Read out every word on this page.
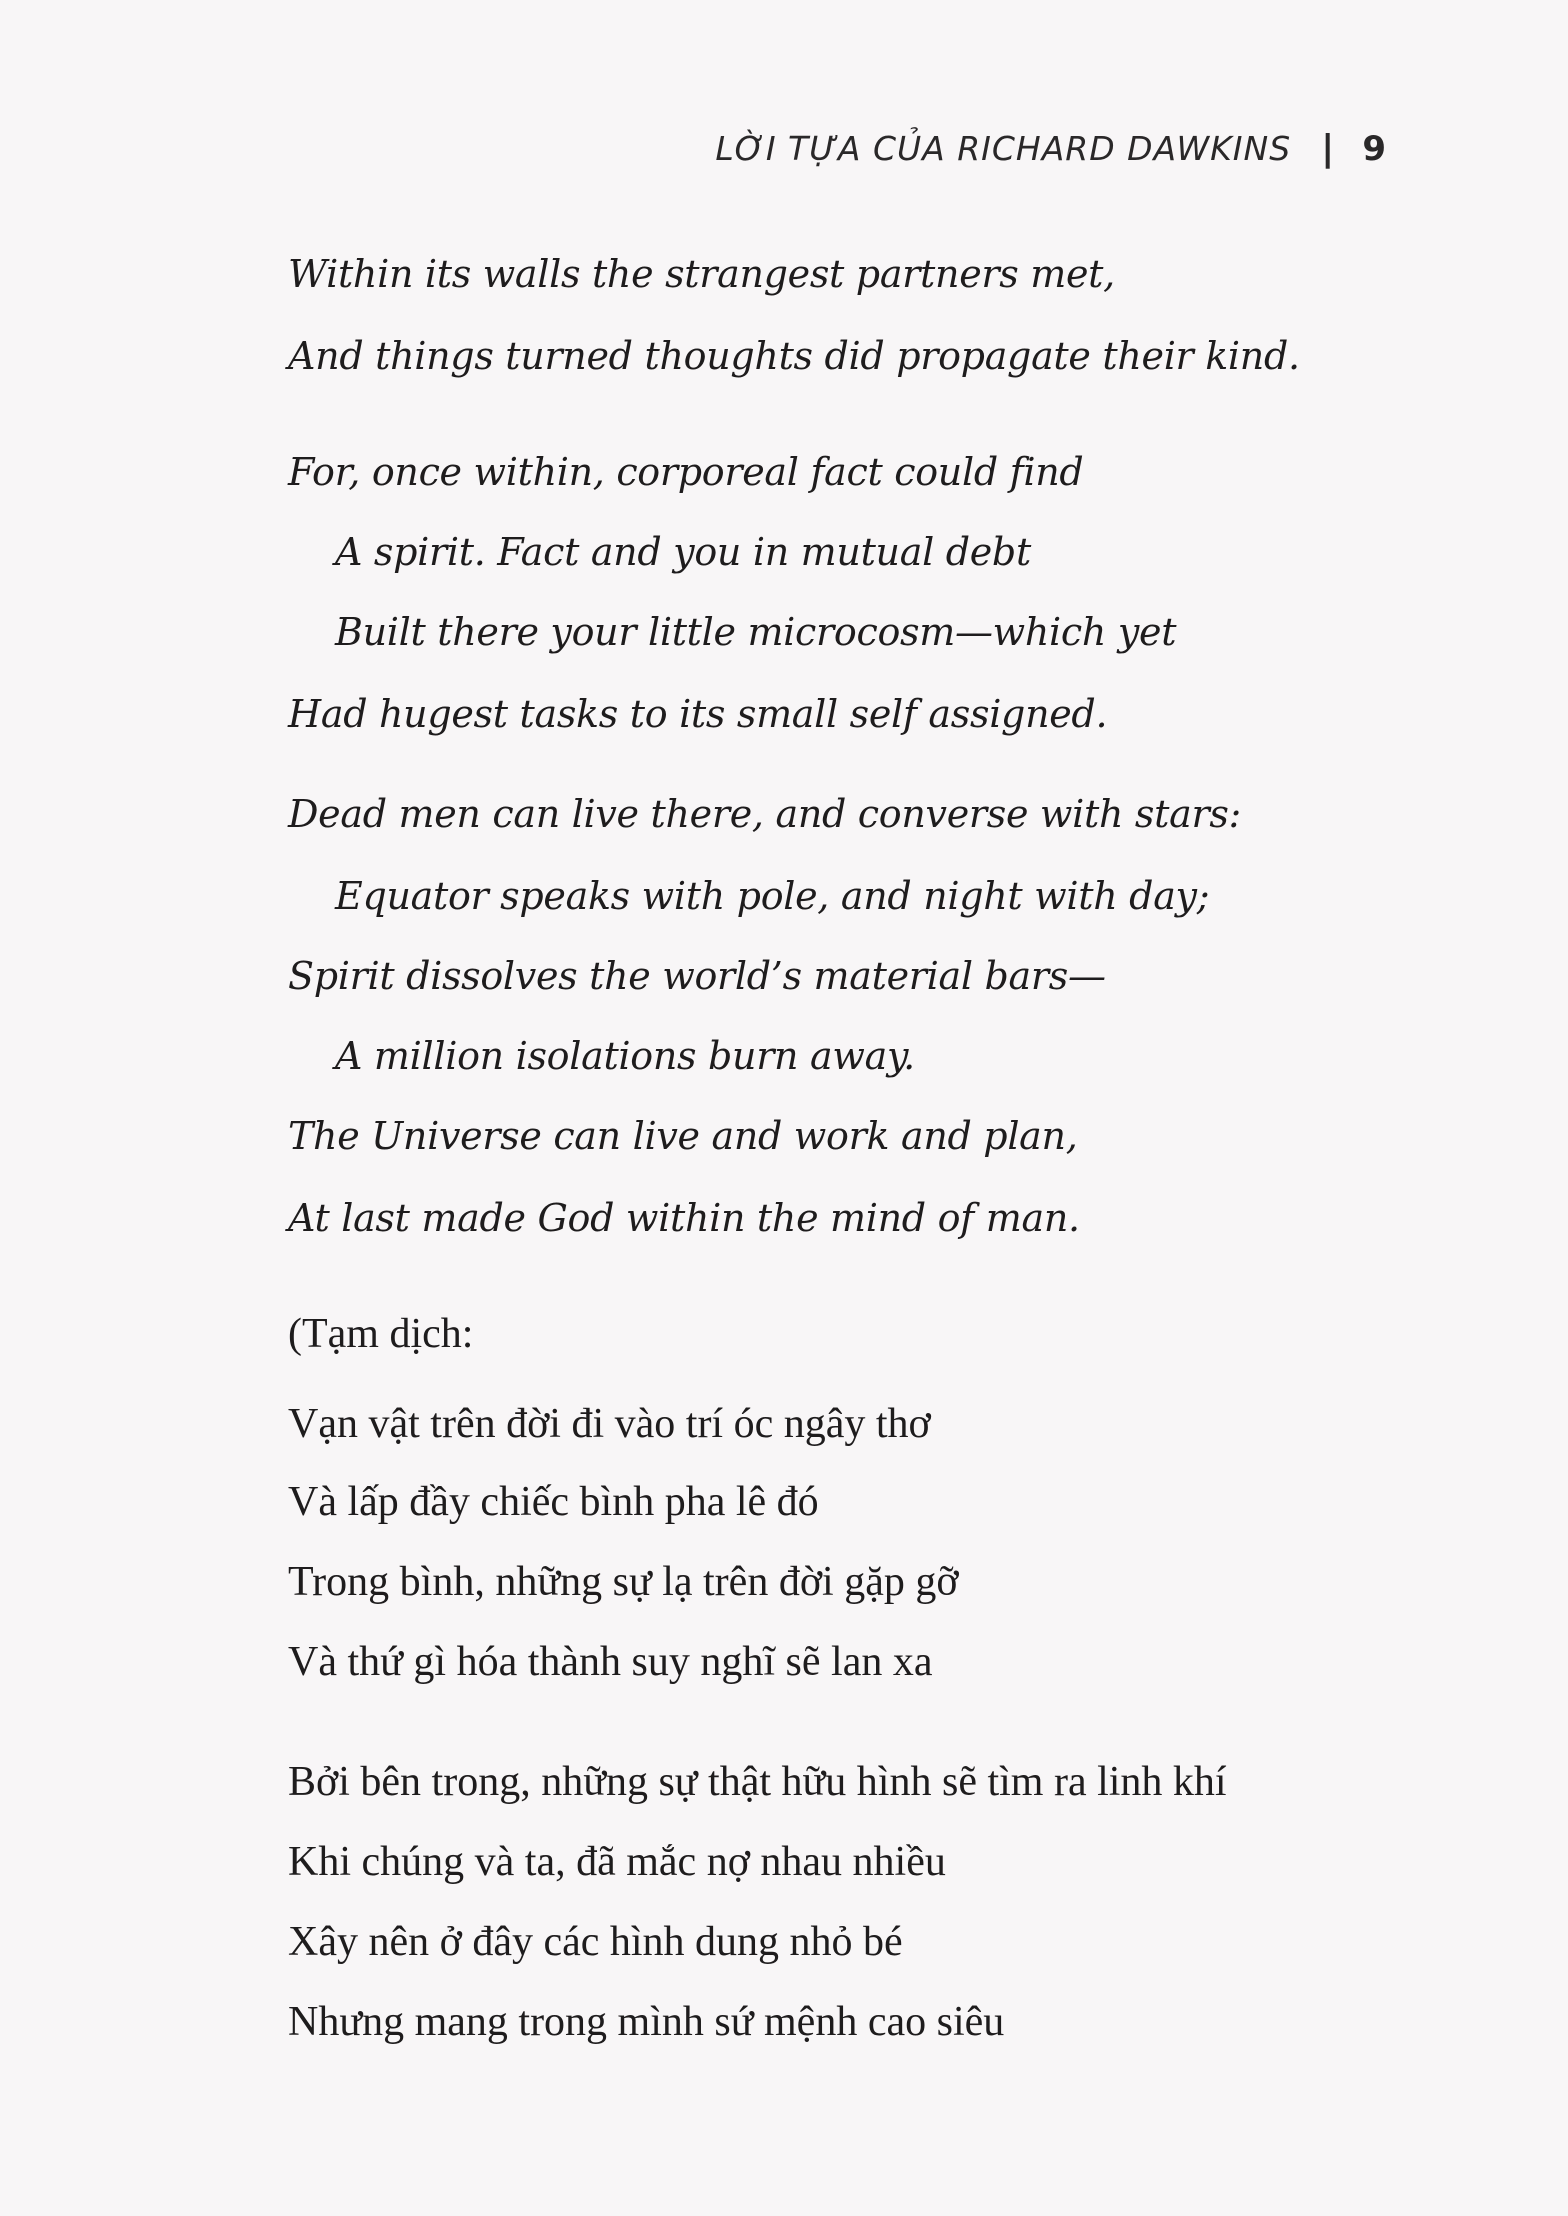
LỜI TỰA CỦA RICHARD DAWKINS | 9
Within its walls the strangest partners met,
And things turned thoughts did propagate their kind.
For, once within, corporeal fact could find
A spirit. Fact and you in mutual debt
Built there your little microcosm—which yet
Had hugest tasks to its small self assigned.
Dead men can live there, and converse with stars:
Equator speaks with pole, and night with day;
Spirit dissolves the world’s material bars—
A million isolations burn away.
The Universe can live and work and plan,
At last made God within the mind of man.
(Tạm dịch:
Vạn vật trên đời đi vào trí óc ngây thơ
Và lấp đầy chiếc bình pha lê đó
Trong bình, những sự lạ trên đời gặp gỡ
Và thứ gì hóa thành suy nghĩ sẽ lan xa
Bởi bên trong, những sự thật hữu hình sẽ tìm ra linh khí
Khi chúng và ta, đã mắc nợ nhau nhiều
Xây nên ở đây các hình dung nhỏ bé
Nhưng mang trong mình sứ mệnh cao siêu
